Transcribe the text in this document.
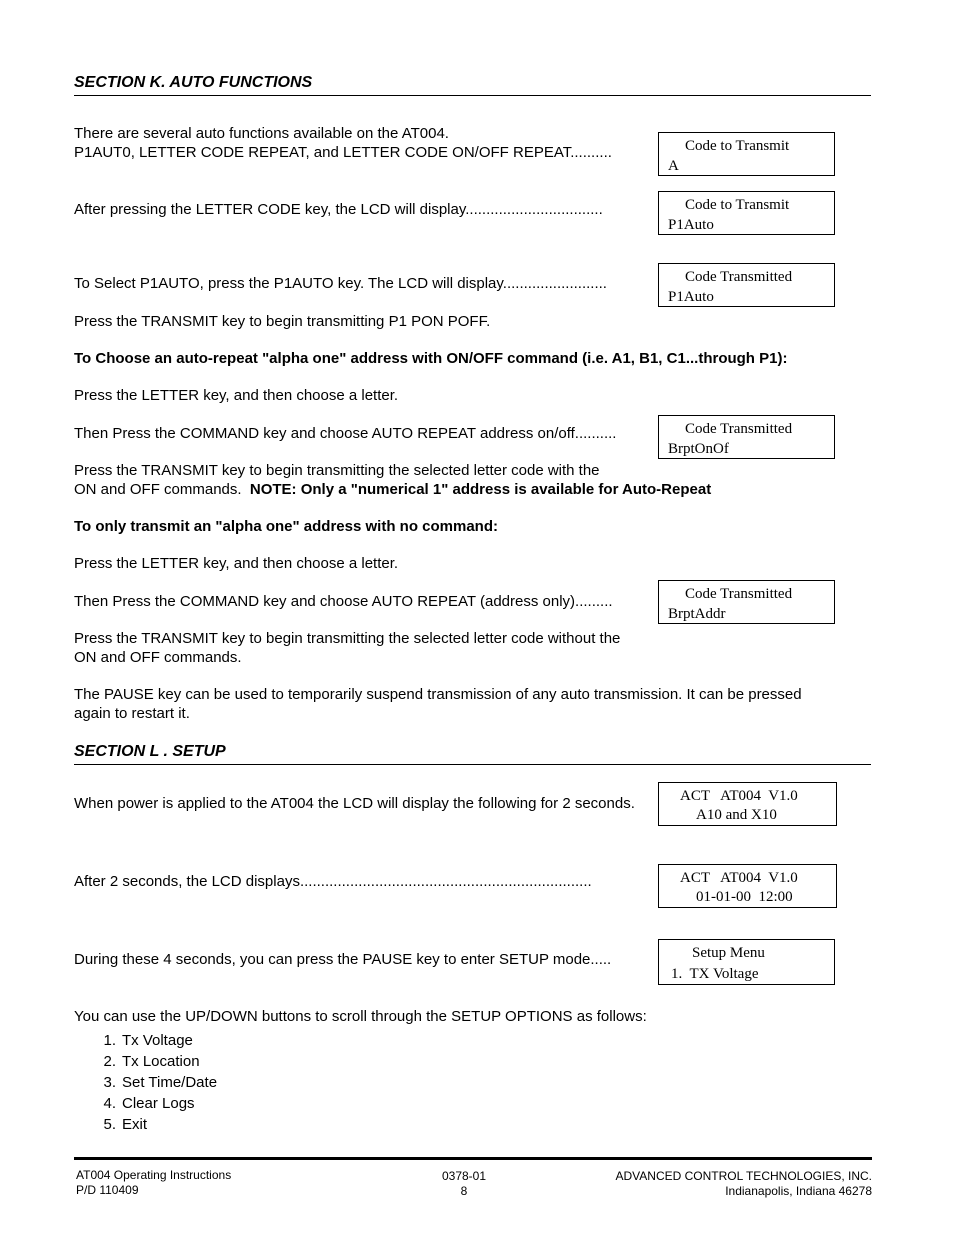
SECTION K. AUTO FUNCTIONS
There are several auto functions available on the AT004.
P1AUT0, LETTER CODE REPEAT, and LETTER CODE ON/OFF REPEAT..........	Code to Transmit
A
After pressing the LETTER CODE key, the LCD will display.................................	Code to Transmit
P1Auto
To Select P1AUTO, press the P1AUTO key. The LCD will display.........................	Code Transmitted
P1Auto
Press the TRANSMIT key to begin transmitting P1 PON POFF.
To Choose an auto-repeat "alpha one" address with ON/OFF command (i.e. A1, B1, C1...through P1):
Press the LETTER key, and then choose a letter.
Then Press the COMMAND key and choose AUTO REPEAT address on/off..........	Code Transmitted
BrptOnOf
Press the TRANSMIT key to begin transmitting the selected letter code with the
ON and OFF commands.  NOTE: Only a "numerical 1" address is available for Auto-Repeat
To only transmit an "alpha one" address with no command:
Press the LETTER key, and then choose a letter.
Then Press the COMMAND key and choose AUTO REPEAT (address only).........	Code Transmitted
BrptAddr
Press the TRANSMIT key to begin transmitting the selected letter code without the
ON and OFF commands.
The PAUSE key can be used to temporarily suspend transmission of any auto transmission. It can be pressed
again to restart it.
SECTION L . SETUP
When power is applied to the AT004 the LCD will display the following for 2 seconds.	ACT   AT004  V1.0
A10 and X10
After 2 seconds, the LCD displays......................................................................	ACT   AT004  V1.0
01-01-00  12:00
During these 4 seconds, you can press the PAUSE key to enter SETUP mode.....	Setup Menu
1.  TX Voltage
You can use the UP/DOWN buttons to scroll through the SETUP OPTIONS as follows:
1. Tx Voltage
2. Tx Location
3. Set Time/Date
4. Clear Logs
5. Exit
AT004 Operating Instructions
P/D 110409
0378-01
8
ADVANCED CONTROL TECHNOLOGIES, INC.
Indianapolis, Indiana 46278
